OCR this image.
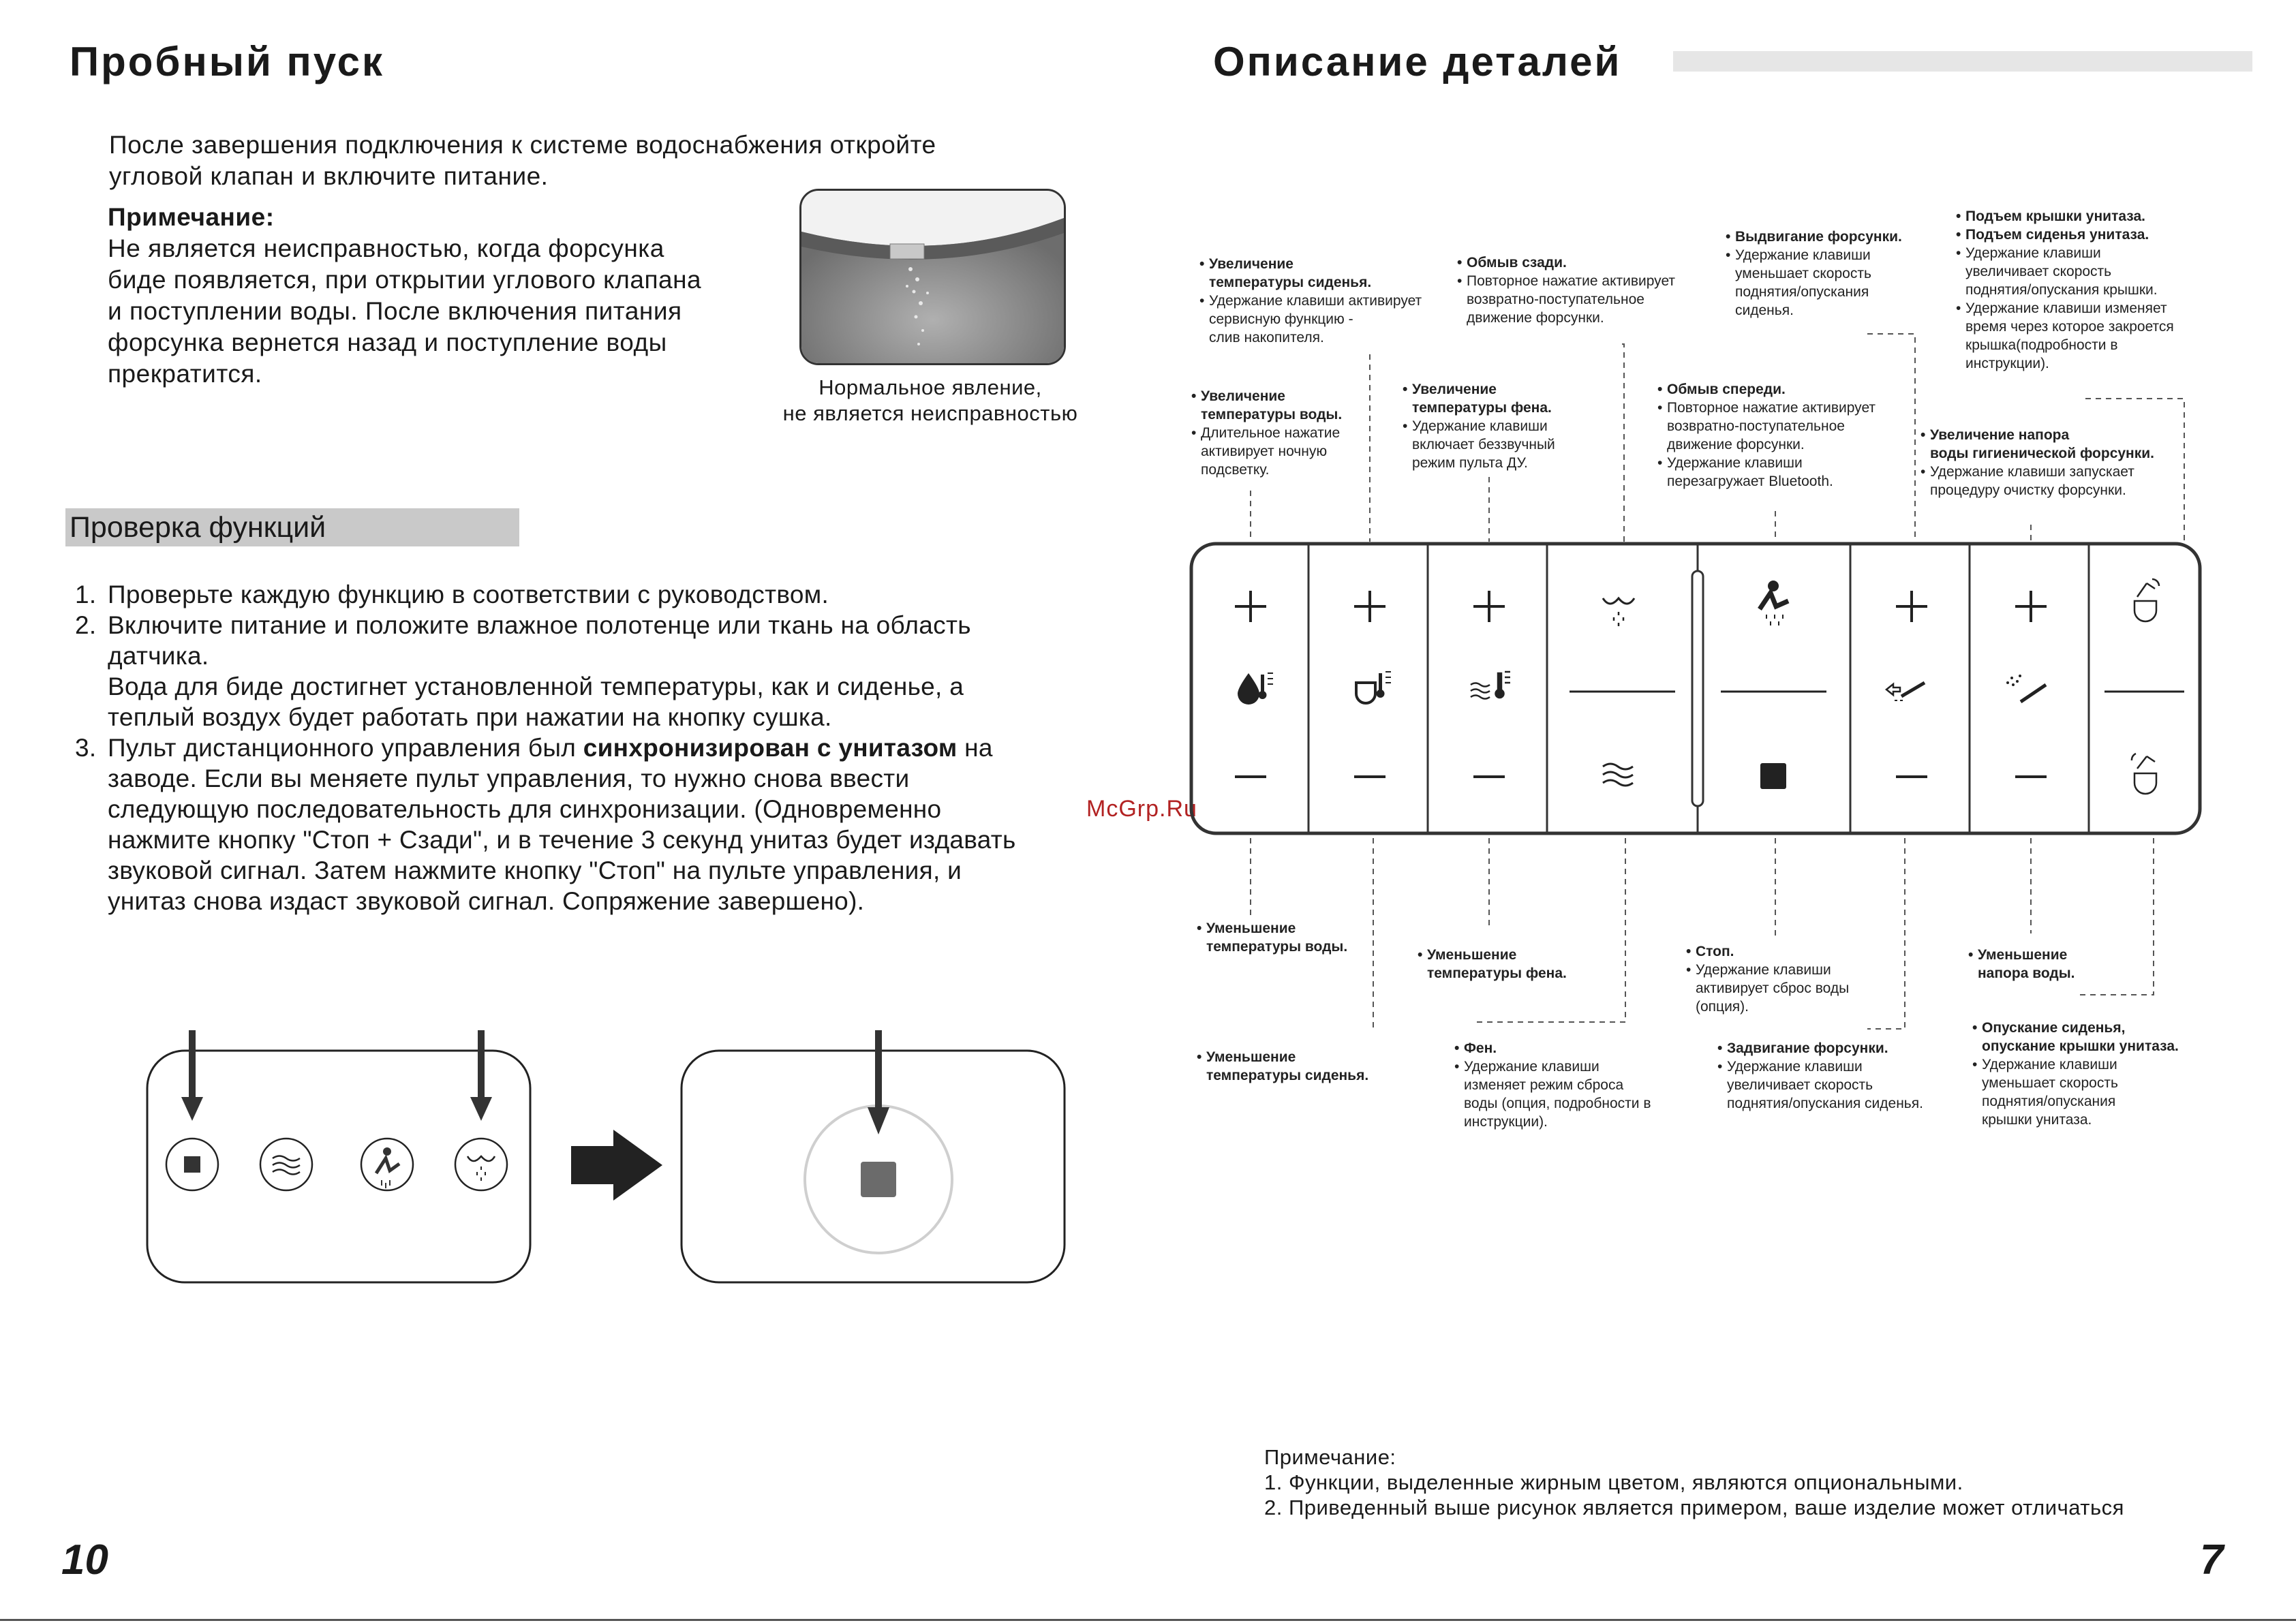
Пробный пуск
После завершения подключения к системе водоснабжения откройте
угловой клапан и включите питание.
Примечание:
Не является неисправностью, когда форсунка
биде появляется, при открытии углового клапана
и поступлении воды. После включения питания
форсунка вернется назад и поступление воды
прекратится.	Нормальное явление,
не является неисправностью
Проверка функций
1. Проверьте каждую функцию в соответствии с руководством.
2. Включите питание и положите влажное полотенце или ткань на область
датчика.
Вода для биде достигнет установленной температуры, как и сиденье, а
теплый воздух будет работать при нажатии на кнопку сушка.
3. Пульт дистанционного управления был синхронизирован с унитазом на
заводе. Если вы меняете пульт управления, то нужно снова ввести
следующую последовательность для синхронизации. (Одновременно
нажмите кнопку "Стоп + Сзади", и в течение 3 секунд унитаз будет издавать
звуковой сигнал. Затем нажмите кнопку "Стоп" на пульте управления, и
унитаз снова издаст звуковой сигнал. Сопряжение завершено).
McGrp.Ru
10
Описание деталей
• Увеличение
температуры сиденья.
• Удержание клавиши активирует
сервисную функцию -
слив накопителя.
• Обмыв сзади.
• Повторное нажатие активирует
возвратно-поступательное
движение форсунки.
• Выдвигание форсунки.
• Удержание клавиши
уменьшает скорость
поднятия/опускания
сиденья.
• Подъем крышки унитаза.
• Подъем сиденья унитаза.
• Удержание клавиши
увеличивает скорость
поднятия/опускания крышки.
• Удержание клавиши изменяет
время через которое закроется
крышка(подробности в
инструкции).
• Увеличение
температуры воды.
• Длительное нажатие
активирует ночную
подсветку.
• Увеличение
температуры фена.
• Удержание клавиши
включает беззвучный
режим пульта ДУ.
• Обмыв спереди.
• Повторное нажатие активирует
возвратно-поступательное
движение форсунки.
• Удержание клавиши
перезагружает Bluetooth.
• Увеличение напора
воды гигиенической форсунки.
• Удержание клавиши запускает
процедуру очистку форсунки.
• Уменьшение
температуры воды.
• Уменьшение
температуры фена.
• Стоп.
• Удержание клавиши
активирует сброс воды
(опция).
• Уменьшение
напора воды.
• Уменьшение
температуры сиденья.
• Фен.
• Удержание клавиши
изменяет режим сброса
воды (опция, подробности в
инструкции).
• Задвигание форсунки.
• Удержание клавиши
увеличивает скорость
поднятия/опускания сиденья.
• Опускание сиденья,
опускание крышки унитаза.
• Удержание клавиши
уменьшает скорость
поднятия/опускания
крышки унитаза.
Примечание:
1. Функции, выделенные жирным цветом, являются опциональными.
2. Приведенный выше рисунок является примером, ваше изделие может отличаться
7
